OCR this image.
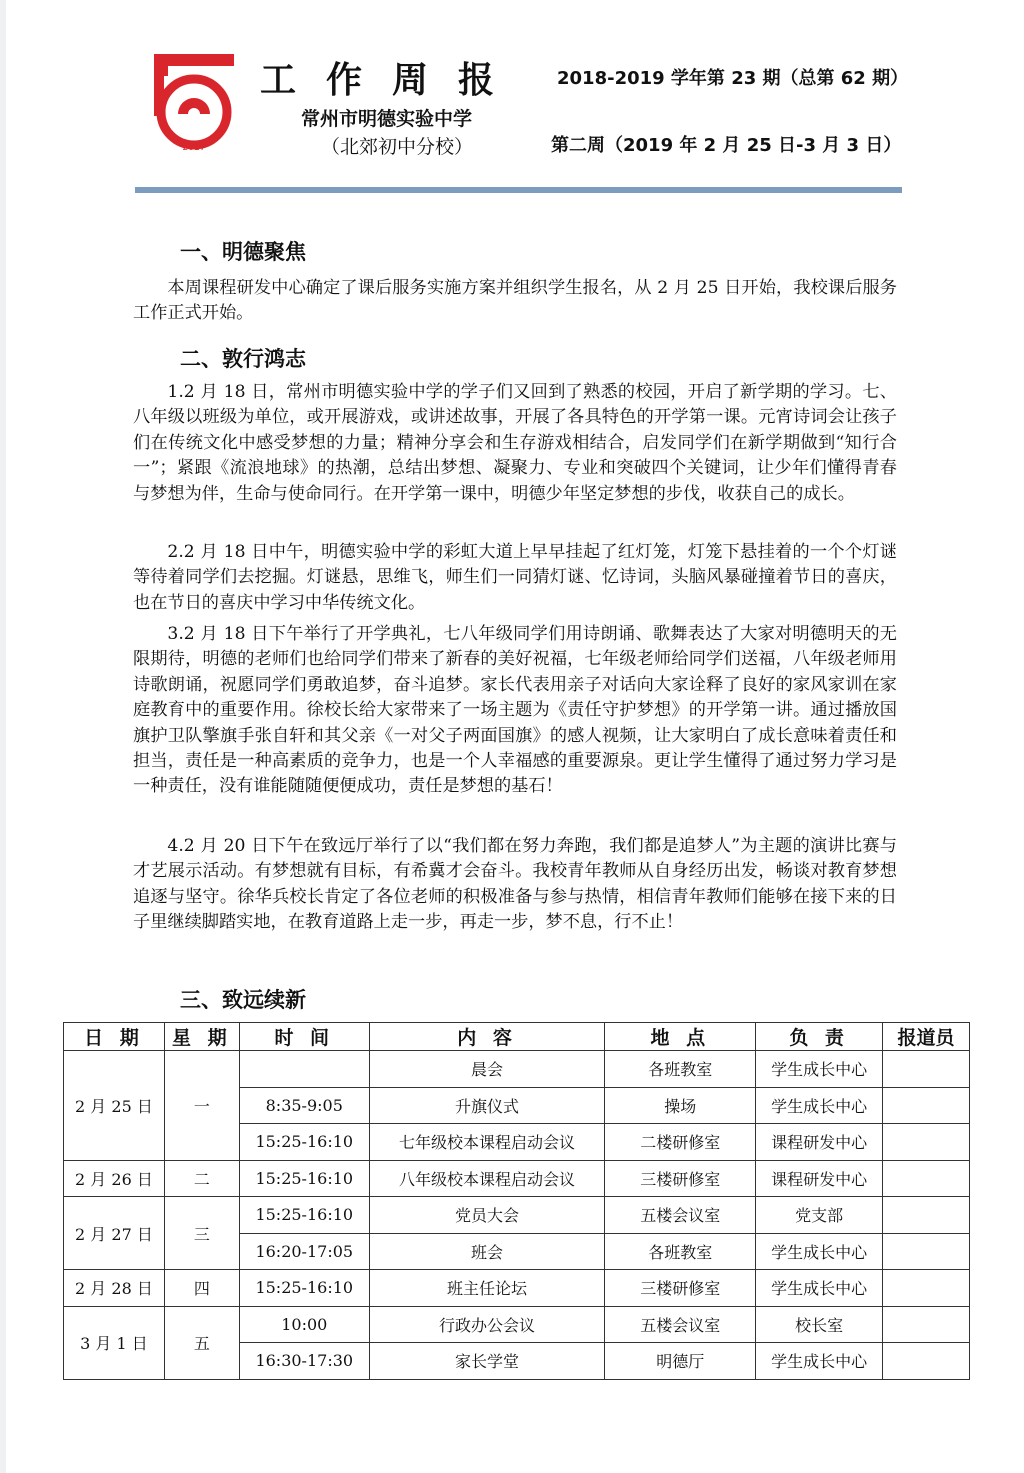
2017
工作周报 2018-2019 学年第 23 期（总第 62 期）
常州市明德实验中学
（北郊初中分校）	第二周（2019 年 2 月 25 日-3 月 3 日）
一、明德聚焦
本周课程研发中心确定了课后服务实施方案并组织学生报名，从 2 月 25 日开始，我校课后服务工作正式开始。
二、敦行鸿志
1.2 月 18 日，常州市明德实验中学的学子们又回到了熟悉的校园，开启了新学期的学习。七、八年级以班级为单位，或开展游戏，或讲述故事，开展了各具特色的开学第一课。元宵诗词会让孩子们在传统文化中感受梦想的力量；精神分享会和生存游戏相结合，启发同学们在新学期做到“知行合一”；紧跟《流浪地球》的热潮，总结出梦想、凝聚力、专业和突破四个关键词，让少年们懂得青春与梦想为伴，生命与使命同行。在开学第一课中，明德少年坚定梦想的步伐，收获自己的成长。
2.2 月 18 日中午，明德实验中学的彩虹大道上早早挂起了红灯笼，灯笼下悬挂着的一个个灯谜等待着同学们去挖掘。灯谜悬，思维飞，师生们一同猜灯谜、忆诗词，头脑风暴碰撞着节日的喜庆，也在节日的喜庆中学习中华传统文化。
3.2 月 18 日下午举行了开学典礼，七八年级同学们用诗朗诵、歌舞表达了大家对明德明天的无限期待，明德的老师们也给同学们带来了新春的美好祝福，七年级老师给同学们送福，八年级老师用诗歌朗诵，祝愿同学们勇敢追梦，奋斗追梦。家长代表用亲子对话向大家诠释了良好的家风家训在家庭教育中的重要作用。徐校长给大家带来了一场主题为《责任守护梦想》的开学第一讲。通过播放国旗护卫队擎旗手张自轩和其父亲《一对父子两面国旗》的感人视频，让大家明白了成长意味着责任和担当，责任是一种高素质的竞争力，也是一个人幸福感的重要源泉。更让学生懂得了通过努力学习是一种责任，没有谁能随随便便成功，责任是梦想的基石！
4.2 月 20 日下午在致远厅举行了以“我们都在努力奔跑，我们都是追梦人”为主题的演讲比赛与才艺展示活动。有梦想就有目标，有希冀才会奋斗。我校青年教师从自身经历出发，畅谈对教育梦想追逐与坚守。徐华兵校长肯定了各位老师的积极准备与参与热情，相信青年教师们能够在接下来的日子里继续脚踏实地，在教育道路上走一步，再走一步，梦不息，行不止！
三、致远续新
日 期	星 期	时 间	内 容	地 点	负 责	报道员
2 月 25 日	一		晨会	各班教室	学生成长中心	
		8:35-9:05	升旗仪式	操场	学生成长中心	
		15:25-16:10	七年级校本课程启动会议	二楼研修室	课程研发中心	
2 月 26 日	二	15:25-16:10	八年级校本课程启动会议	三楼研修室	课程研发中心	
2 月 27 日	三	15:25-16:10	党员大会	五楼会议室	党支部	
		16:20-17:05	班会	各班教室	学生成长中心	
2 月 28 日	四	15:25-16:10	班主任论坛	三楼研修室	学生成长中心	
3 月 1 日	五	10:00	行政办公会议	五楼会议室	校长室	
		16:30-17:30	家长学堂	明德厅	学生成长中心	
